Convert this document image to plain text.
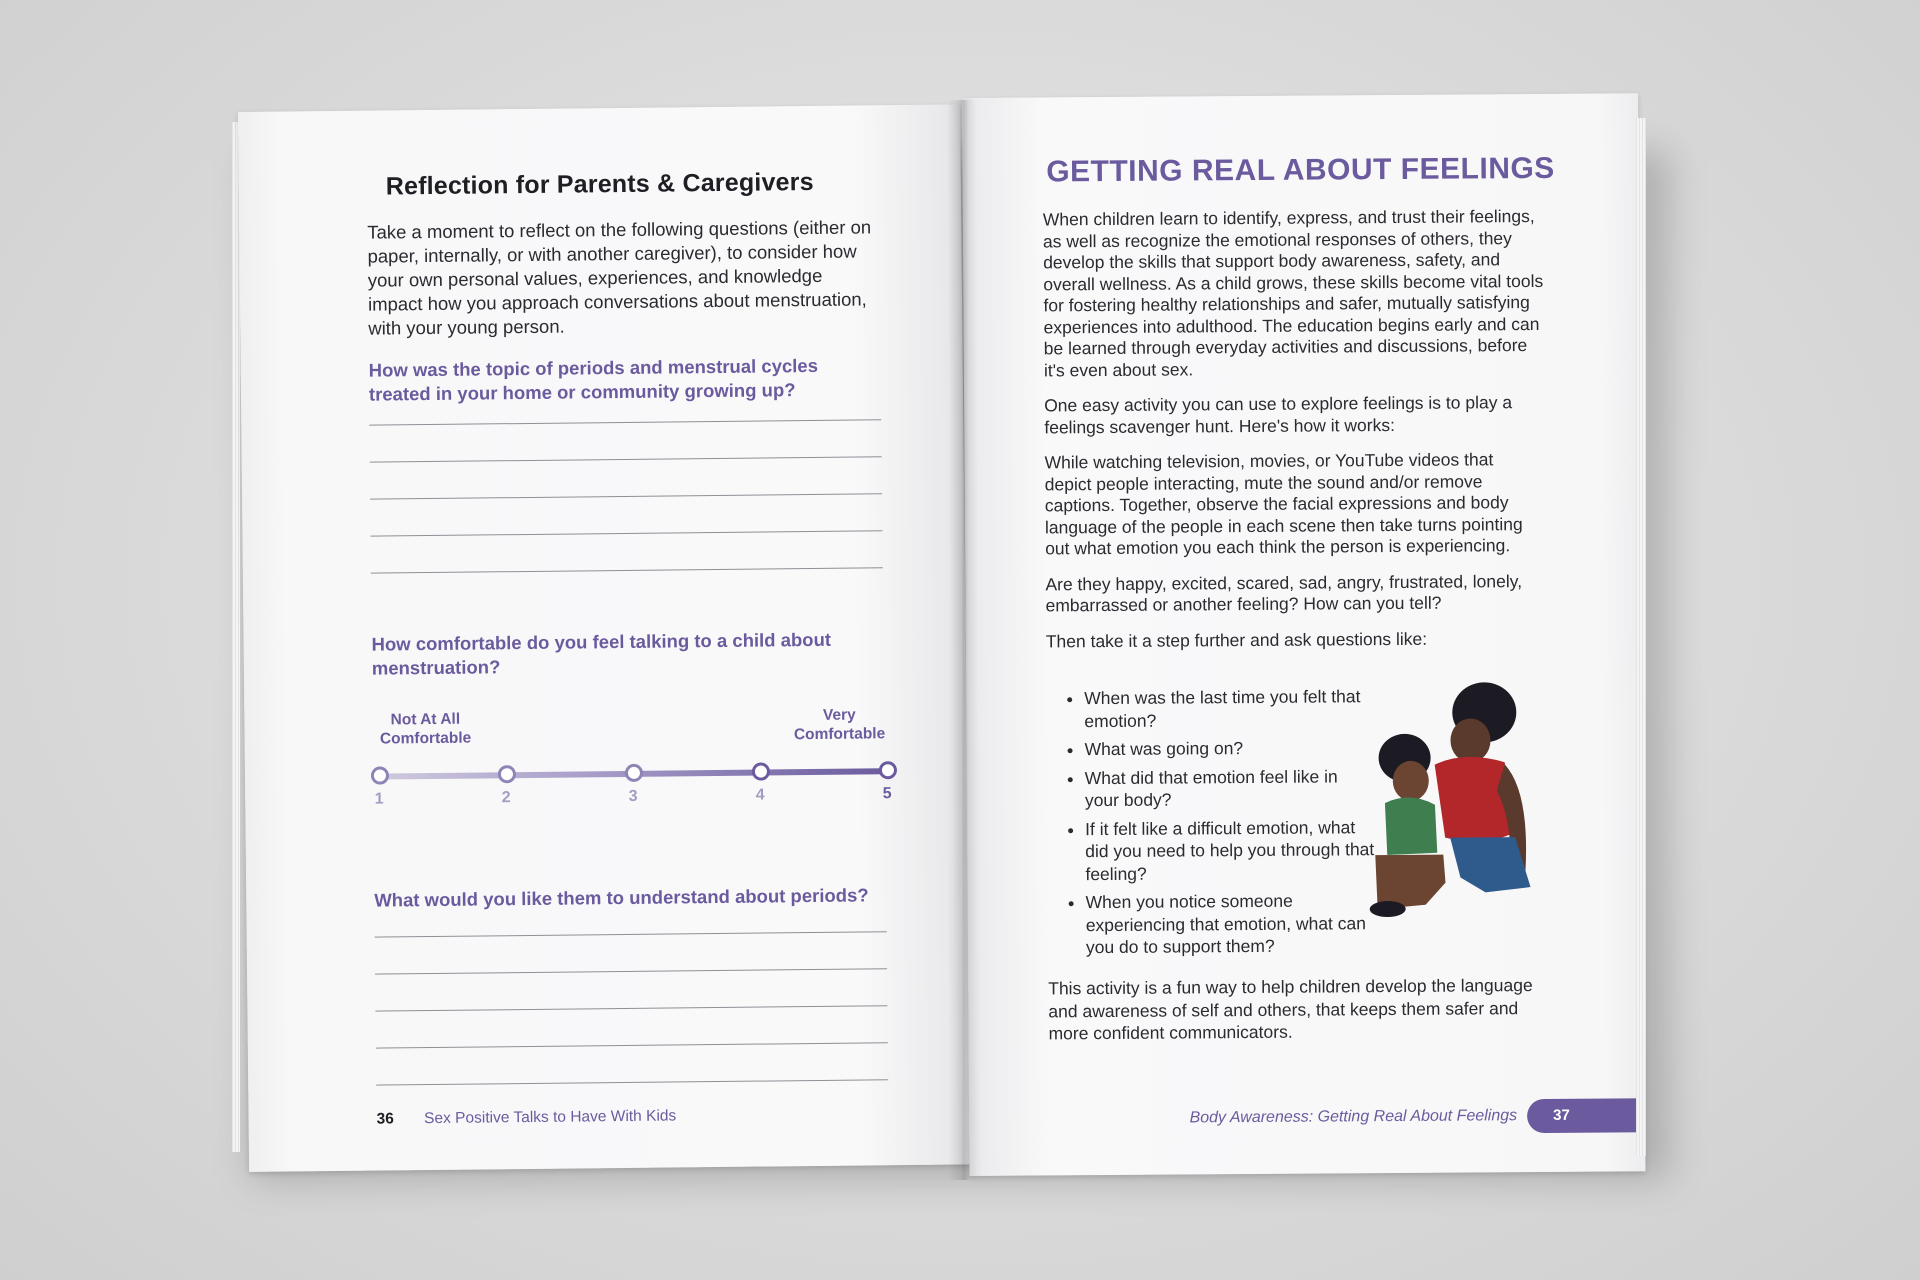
Reflection for Parents & Caregivers
Take a moment to reflect on the following questions (either on paper, internally, or with another caregiver), to consider how your own personal values, experiences, and knowledge impact how you approach conversations about menstruation, with your young person.
How was the topic of periods and menstrual cycles treated in your home or community growing up?
How comfortable do you feel talking to a child about menstruation?
Not At All Comfortable
Very Comfortable
1	2	3	4	5
What would you like them to understand about periods?
36 Sex Positive Talks to Have With Kids
GETTING REAL ABOUT FEELINGS

When children learn to identify, express, and trust their feelings, as well as recognize the emotional responses of others, they develop the skills that support body awareness, safety, and overall wellness. As a child grows, these skills become vital tools for fostering healthy relationships and safer, mutually satisfying experiences into adulthood. The education begins early and can be learned through everyday activities and discussions, before it's even about sex.

One easy activity you can use to explore feelings is to play a feelings scavenger hunt. Here's how it works:

While watching television, movies, or YouTube videos that depict people interacting, mute the sound and/or remove captions. Together, observe the facial expressions and body language of the people in each scene then take turns pointing out what emotion you each think the person is experiencing.

Are they happy, excited, scared, sad, angry, frustrated, lonely, embarrassed or another feeling? How can you tell?

Then take it a step further and ask questions like:

• When was the last time you felt that emotion?
• What was going on?
• What did that emotion feel like in your body?
• If it felt like a difficult emotion, what did you need to help you through that feeling?
• When you notice someone experiencing that emotion, what can you do to support them?
This activity is a fun way to help children develop the language and awareness of self and others, that keeps them safer and more confident communicators.
Body Awareness: Getting Real About Feelings	37
